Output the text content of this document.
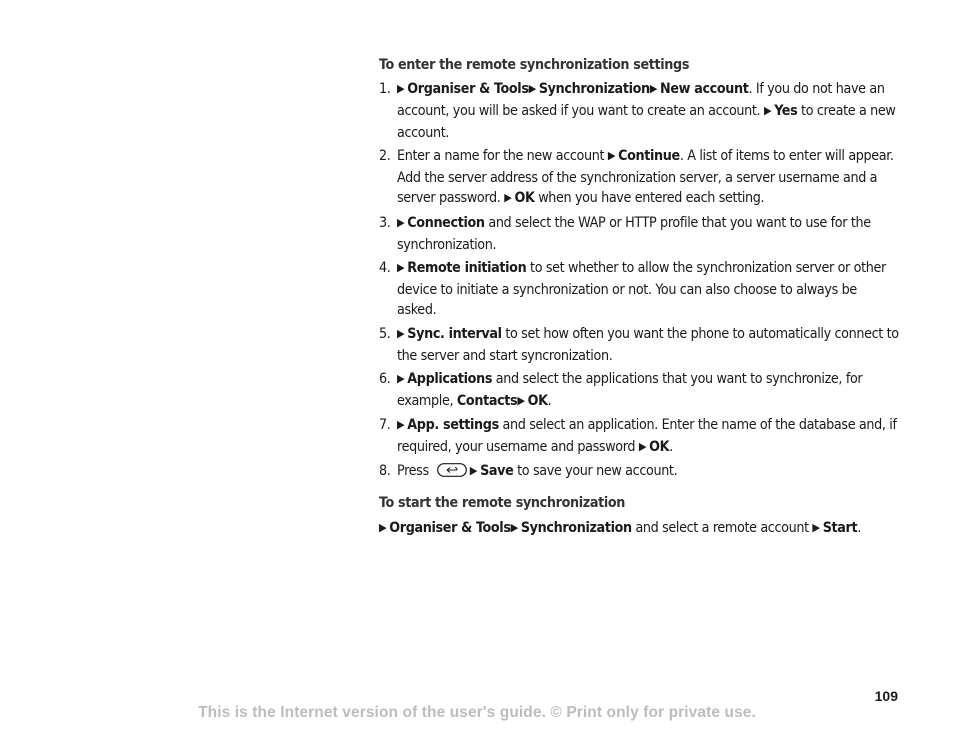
To enter the remote synchronization settings

1. ▶ Organiser & Tools▶ Synchronization▶ New account. If you do not have an account, you will be asked if you want to create an account. ▶ Yes to create a new account.
2. Enter a name for the new account ▶ Continue. A list of items to enter will appear. Add the server address of the synchronization server, a server username and a server password. ▶ OK when you have entered each setting.
3. ▶ Connection and select the WAP or HTTP profile that you want to use for the synchronization.
4. ▶ Remote initiation to set whether to allow the synchronization server or other device to initiate a synchronization or not. You can also choose to always be asked.
5. ▶ Sync. interval to set how often you want the phone to automatically connect to the server and start syncronization.
6. ▶ Applications and select the applications that you want to synchronize, for example, Contacts▶ OK.
7. ▶ App. settings and select an application. Enter the name of the database and, if required, your username and password ▶ OK.
8. Press	▶ Save to save your new account.

To start the remote synchronization

▶ Organiser & Tools▶ Synchronization and select a remote account ▶ Start.
109
This is the Internet version of the user's guide. © Print only for private use.
